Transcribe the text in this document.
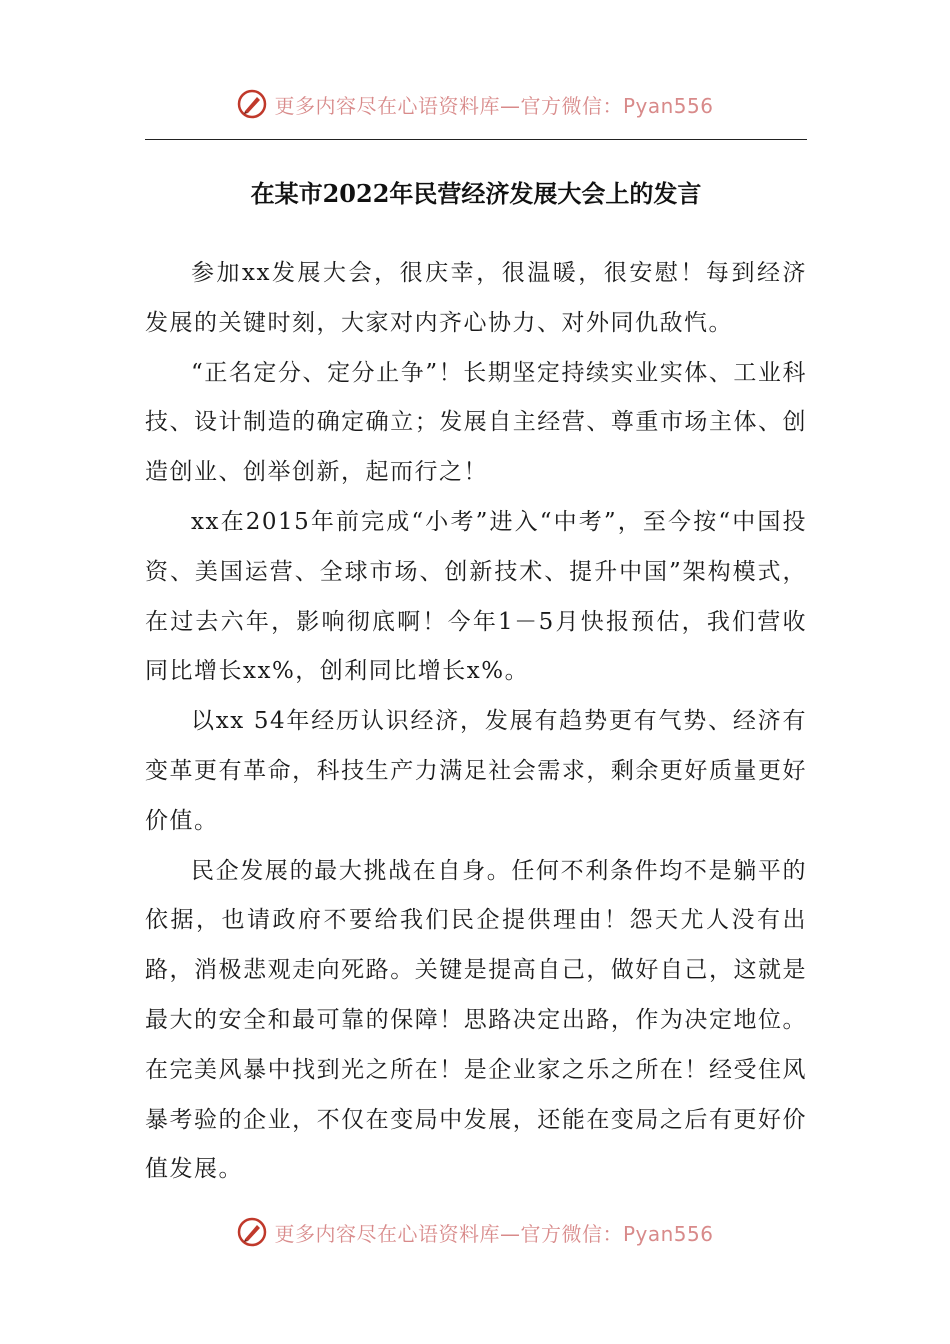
更多内容尽在心语资料库—官方微信：Pyan556
在某市2022年民营经济发展大会上的发言

参加xx发展大会，很庆幸，很温暖，很安慰！每到经济发展的关键时刻，大家对内齐心协力、对外同仇敌忾。

“正名定分、定分止争”！长期坚定持续实业实体、工业科技、设计制造的确定确立；发展自主经营、尊重市场主体、创造创业、创举创新，起而行之！

xx在2015年前完成“小考”进入“中考”，至今按“中国投资、美国运营、全球市场、创新技术、提升中国”架构模式，在过去六年，影响彻底啊！今年1－5月快报预估，我们营收同比增长xx%，创利同比增长x%。

以xx 54年经历认识经济，发展有趋势更有气势、经济有变革更有革命，科技生产力满足社会需求，剩余更好质量更好价值。

民企发展的最大挑战在自身。任何不利条件均不是躺平的依据，也请政府不要给我们民企提供理由！怨天尤人没有出路，消极悲观走向死路。关键是提高自己，做好自己，这就是最大的安全和最可靠的保障！思路决定出路，作为决定地位。在完美风暴中找到光之所在！是企业家之乐之所在！经受住风暴考验的企业，不仅在变局中发展，还能在变局之后有更好价值发展。

更多内容尽在心语资料库—官方微信：Pyan556
